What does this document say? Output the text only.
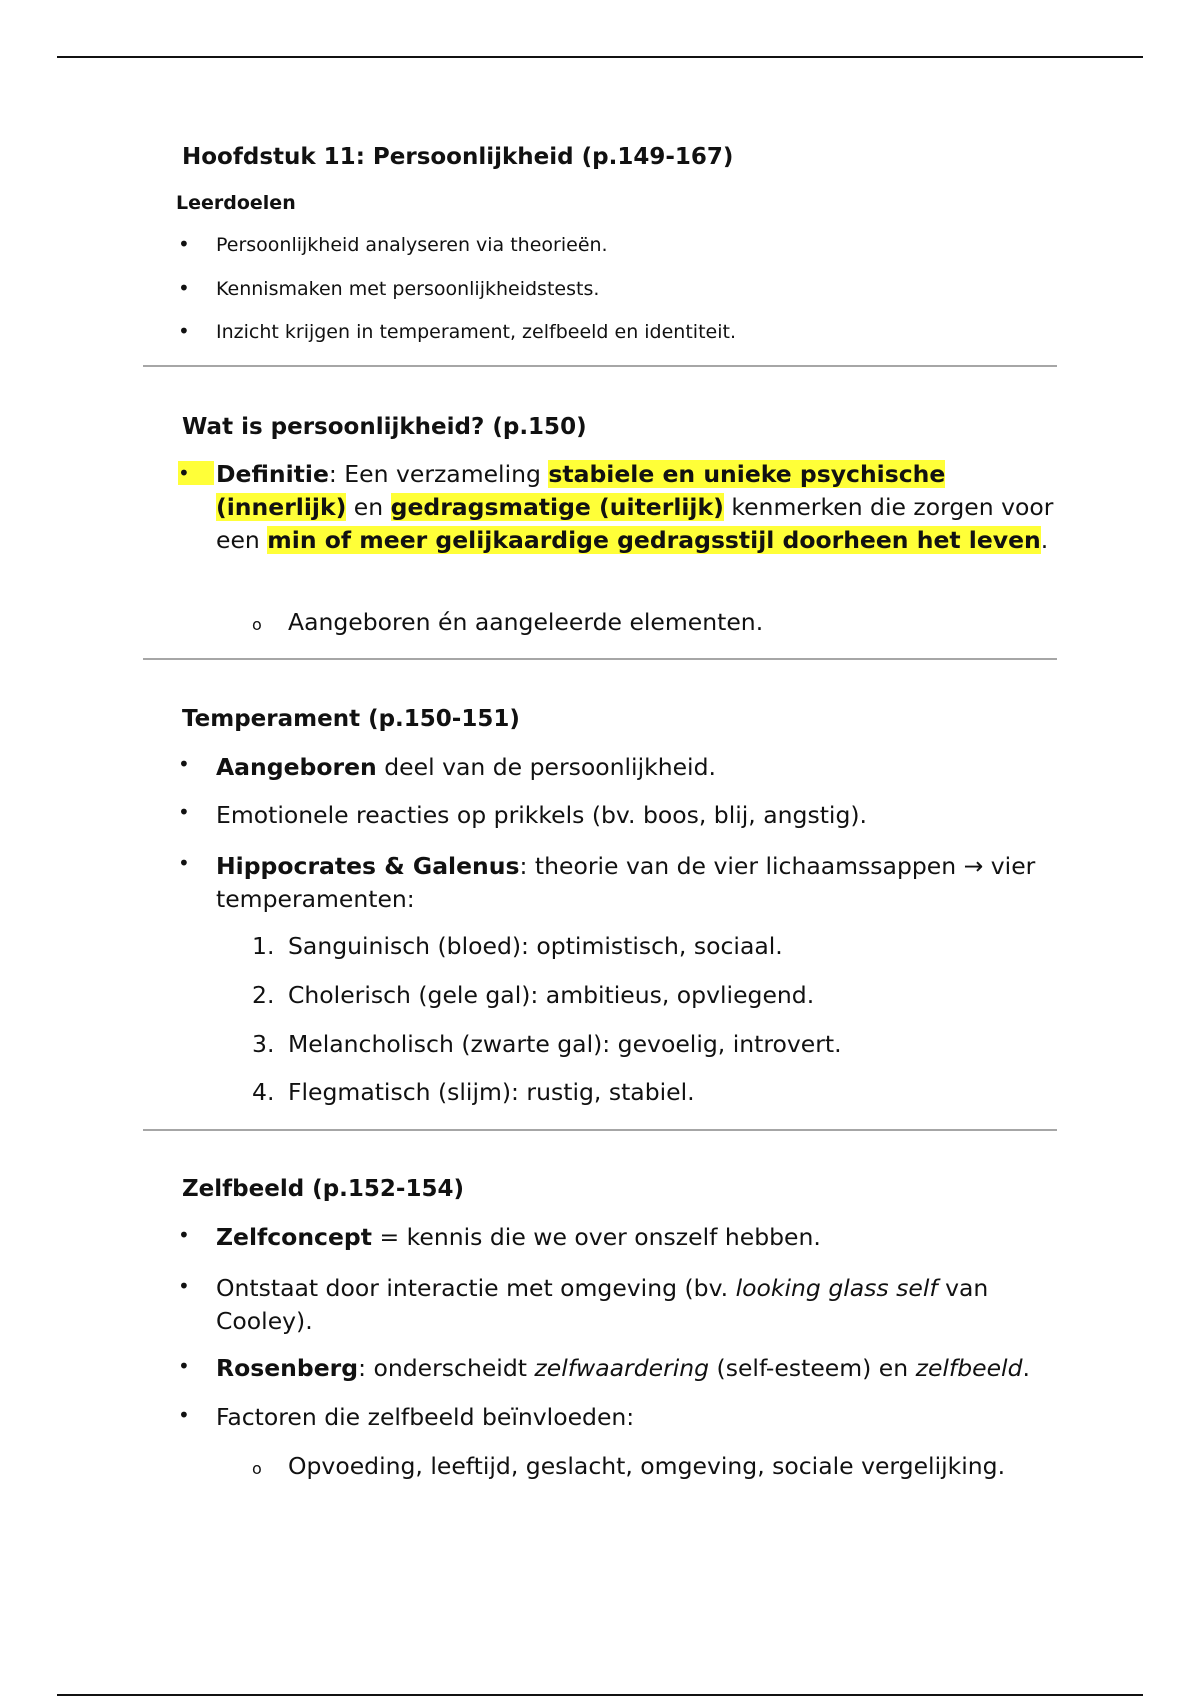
Hoofdstuk 11: Persoonlijkheid (p.149-167)
Leerdoelen
•
Persoonlijkheid analyseren via theorieën.
•
Kennismaken met persoonlijkheidstests.
•
Inzicht krijgen in temperament, zelfbeeld en identiteit.
Wat is persoonlijkheid? (p.150)
•
Definitie: Een verzameling stabiele en unieke psychische (innerlijk) en gedragsmatige (uiterlijk) kenmerken die zorgen voor een min of meer gelijkaardige gedragsstijl doorheen het leven.
o Aangeboren én aangeleerde elementen.
Temperament (p.150-151)
•
Aangeboren deel van de persoonlijkheid.
•
Emotionele reacties op prikkels (bv. boos, blij, angstig).
•
Hippocrates & Galenus: theorie van de vier lichaamssappen → vier temperamenten:
1. Sanguinisch (bloed): optimistisch, sociaal.
2. Cholerisch (gele gal): ambitieus, opvliegend.
3. Melancholisch (zwarte gal): gevoelig, introvert.
4. Flegmatisch (slijm): rustig, stabiel.
Zelfbeeld (p.152-154)
•
Zelfconcept = kennis die we over onszelf hebben.
•
Ontstaat door interactie met omgeving (bv. looking glass self van Cooley).
•
Rosenberg: onderscheidt zelfwaardering (self-esteem) en zelfbeeld.
•
Factoren die zelfbeeld beïnvloeden:
o Opvoeding, leeftijd, geslacht, omgeving, sociale vergelijking.
